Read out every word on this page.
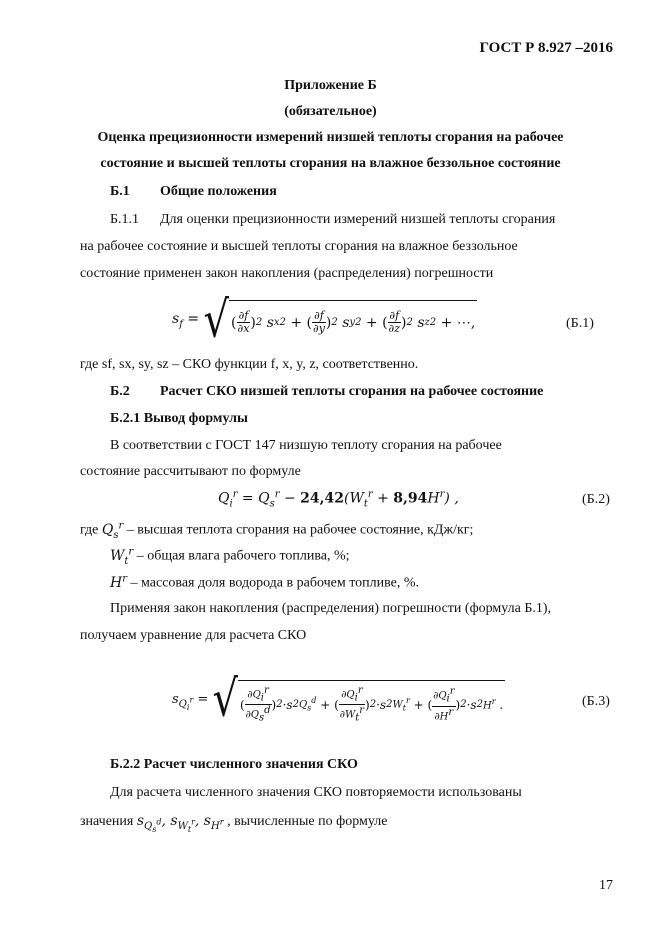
ГОСТ Р 8.927 –2016
Приложение Б
(обязательное)
Оценка прецизионности измерений низшей теплоты сгорания на рабочее
состояние и высшей теплоты сгорания на влажное беззольное состояние
Б.1 Общие положения
Б.1.1 Для оценки прецизионности измерений низшей теплоты сгорания
на рабочее состояние и высшей теплоты сгорания на влажное беззольное
состояние применен закон накопления (распределения) погрешности
$s_f$ = √ ( $\frac{\partial f}{\partial x}$ ) 2 s x 2 + ( $\frac{\partial f}{\partial y}$ ) 2 s y 2 + ( $\frac{\partial f}{\partial z}$ ) 2 s z 2 + ⋯,	(Б.1)
где sf, sx, sy, sz – СКО функции f, x, y, z, соответственно.
Б.2 Расчет СКО низшей теплоты сгорания на рабочее состояние
Б.2.1 Вывод формулы
В соответствии с ГОСТ 147 низшую теплоту сгорания на рабочее
состояние рассчитывают по формуле
$Q_i^r = Q_s^r - 24,42(W_t^r + 8,94H^r)$ ,	(Б.2)
где $Q_s^r$ – высшая теплота сгорания на рабочее состояние, кДж/кг;
$W_t^r$ – общая влага рабочего топлива, %;
$H^r$ – массовая доля водорода в рабочем топливе, %.
Применяя закон накопления (распределения) погрешности (формула Б.1),
получаем уравнение для расчета СКО
$s_{Q_i^r}$ = √ ( $\frac{\partial Q_i^r}{\partial Q_s^d}$ ) 2 ·s 2 $Q_s^d$ + ( $\frac{\partial Q_i^r}{\partial W_t^r}$ ) 2 ·s 2 $W_t^r$ + ( $\frac{\partial Q_i^r}{\partial H^r}$ ) 2 ·s 2 $H^r$ .	(Б.3)
Б.2.2 Расчет численного значения СКО
Для расчета численного значения СКО повторяемости использованы
значения $s_{Q_s^d}$, $s_{W_t^r}$, $s_{H^r}$ , вычисленные по формуле
17
